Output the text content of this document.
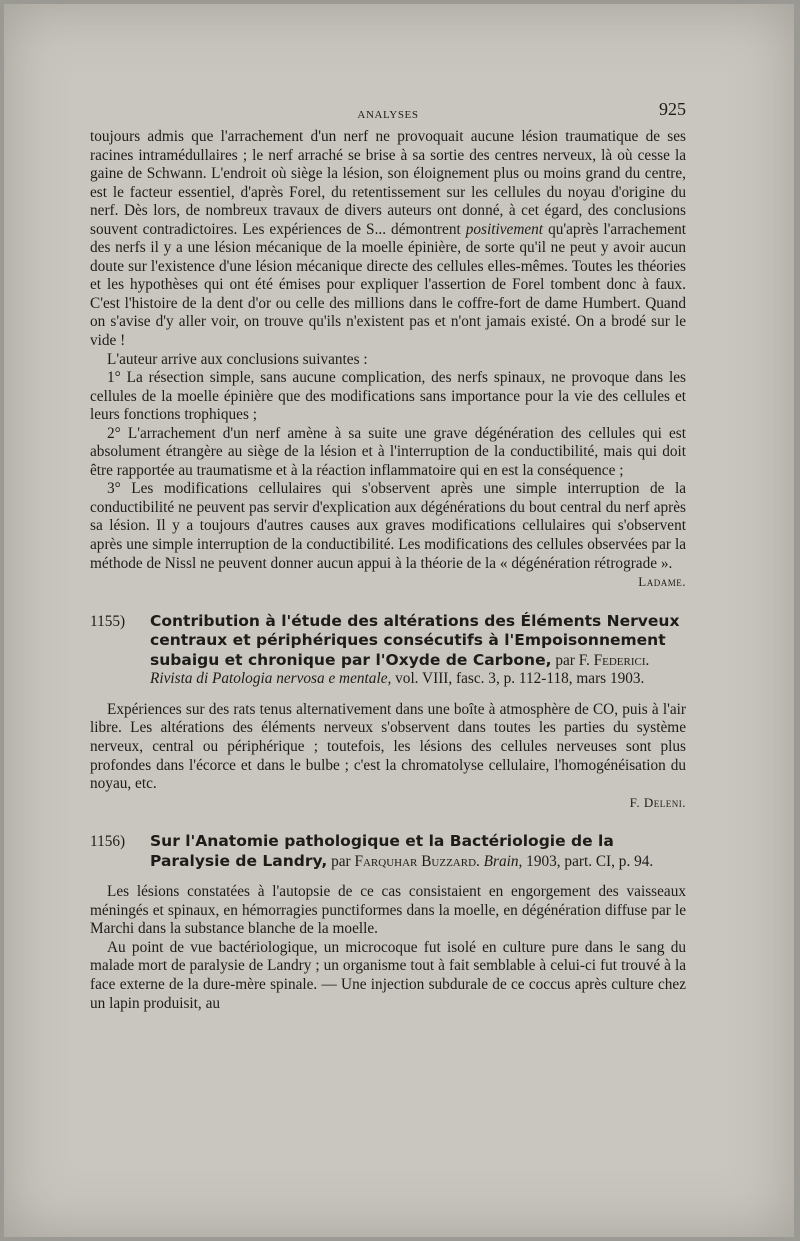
ANALYSES	925

toujours admis que l'arrachement d'un nerf ne provoquait aucune lésion traumatique de ses racines intramédullaires ; le nerf arraché se brise à sa sortie des centres nerveux, là où cesse la gaine de Schwann. L'endroit où siège la lésion, son éloignement plus ou moins grand du centre, est le facteur essentiel, d'après Forel, du retentissement sur les cellules du noyau d'origine du nerf. Dès lors, de nombreux travaux de divers auteurs ont donné, à cet égard, des conclusions souvent contradictoires. Les expériences de S... démontrent positivement qu'après l'arrachement des nerfs il y a une lésion mécanique de la moelle épinière, de sorte qu'il ne peut y avoir aucun doute sur l'existence d'une lésion mécanique directe des cellules elles-mêmes. Toutes les théories et les hypothèses qui ont été émises pour expliquer l'assertion de Forel tombent donc à faux. C'est l'histoire de la dent d'or ou celle des millions dans le coffre-fort de dame Humbert. Quand on s'avise d'y aller voir, on trouve qu'ils n'existent pas et n'ont jamais existé. On a brodé sur le vide !

L'auteur arrive aux conclusions suivantes :

1° La résection simple, sans aucune complication, des nerfs spinaux, ne provoque dans les cellules de la moelle épinière que des modifications sans importance pour la vie des cellules et leurs fonctions trophiques ;

2° L'arrachement d'un nerf amène à sa suite une grave dégénération des cellules qui est absolument étrangère au siège de la lésion et à l'interruption de la conductibilité, mais qui doit être rapportée au traumatisme et à la réaction inflammatoire qui en est la conséquence ;

3° Les modifications cellulaires qui s'observent après une simple interruption de la conductibilité ne peuvent pas servir d'explication aux dégénérations du bout central du nerf après sa lésion. Il y a toujours d'autres causes aux graves modifications cellulaires qui s'observent après une simple interruption de la conductibilité. Les modifications des cellules observées par la méthode de Nissl ne peuvent donner aucun appui à la théorie de la « dégénération rétrograde ».

Ladame.

1155) Contribution à l'étude des altérations des Éléments Nerveux centraux et périphériques consécutifs à l'Empoisonnement subaigu et chronique par l'Oxyde de Carbone, par F. Federici. Rivista di Patologia nervosa e mentale, vol. VIII, fasc. 3, p. 112-118, mars 1903.

Expériences sur des rats tenus alternativement dans une boîte à atmosphère de CO, puis à l'air libre. Les altérations des éléments nerveux s'observent dans toutes les parties du système nerveux, central ou périphérique ; toutefois, les lésions des cellules nerveuses sont plus profondes dans l'écorce et dans le bulbe ; c'est la chromatolyse cellulaire, l'homogénéisation du noyau, etc.

F. Deleni.

1156) Sur l'Anatomie pathologique et la Bactériologie de la Paralysie de Landry, par Farquhar Buzzard. Brain, 1903, part. CI, p. 94.

Les lésions constatées à l'autopsie de ce cas consistaient en engorgement des vaisseaux méningés et spinaux, en hémorragies punctiformes dans la moelle, en dégénération diffuse par le Marchi dans la substance blanche de la moelle.

Au point de vue bactériologique, un microcoque fut isolé en culture pure dans le sang du malade mort de paralysie de Landry ; un organisme tout à fait semblable à celui-ci fut trouvé à la face externe de la dure-mère spinale. — Une injection subdurale de ce coccus après culture chez un lapin produisit, au
